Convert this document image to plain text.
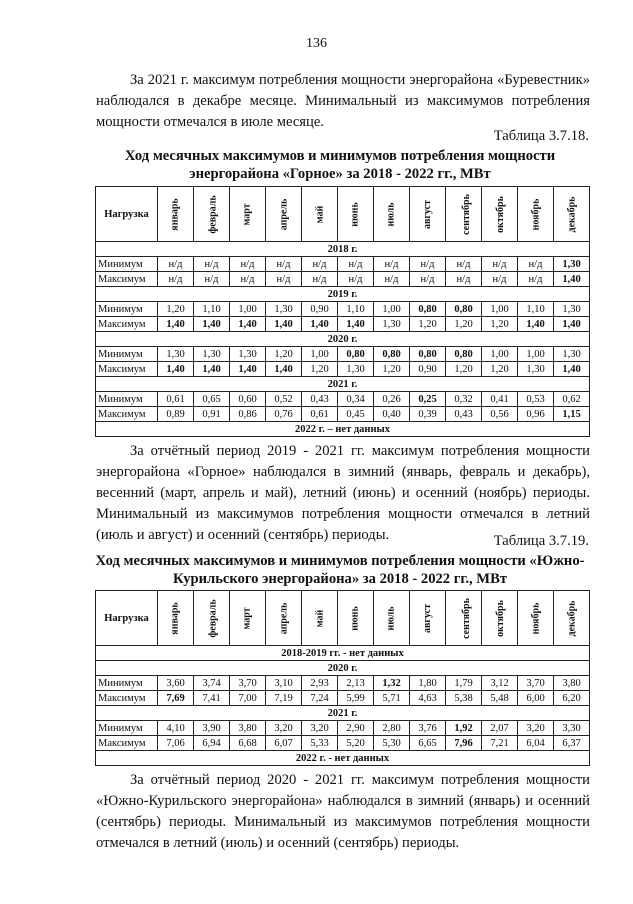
136

За 2021 г. максимум потребления мощности энергорайона «Буревестник» наблюдался в декабре месяце. Минимальный из максимумов потребления мощности отмечался в июле месяце.

Таблица 3.7.18.
Ход месячных максимумов и минимумов потребления мощности энергорайона «Горное» за 2018 - 2022 гг., МВт
Нагрузка	январь	февраль	март	апрель	май	июнь	июль	август	сентябрь	октябрь	ноябрь	декабрь
2018 г.												
Минимум	н/д	н/д	н/д	н/д	н/д	н/д	н/д	н/д	н/д	н/д	н/д	1,30
Максимум	н/д	н/д	н/д	н/д	н/д	н/д	н/д	н/д	н/д	н/д	н/д	1,40
2019 г.												
Минимум	1,20	1,10	1,00	1,30	0,90	1,10	1,00	0,80	0,80	1,00	1,10	1,30
Максимум	1,40	1,40	1,40	1,40	1,40	1,40	1,30	1,20	1,20	1,20	1,40	1,40
2020 г.												
Минимум	1,30	1,30	1,30	1,20	1,00	0,80	0,80	0,80	0,80	1,00	1,00	1,30
Максимум	1,40	1,40	1,40	1,40	1,20	1,30	1,20	0,90	1,20	1,20	1,30	1,40
2021 г.												
Минимум	0,61	0,65	0,60	0,52	0,43	0,34	0,26	0,25	0,32	0,41	0,53	0,62
Максимум	0,89	0,91	0,86	0,76	0,61	0,45	0,40	0,39	0,43	0,56	0,96	1,15
2022 г. – нет данных												

За отчётный период 2019 - 2021 гг. максимум потребления мощности энергорайона «Горное» наблюдался в зимний (январь, февраль и декабрь), весенний (март, апрель и май), летний (июнь) и осенний (ноябрь) периоды. Минимальный из максимумов потребления мощности отмечался в летний (июль и август) и осенний (сентябрь) периоды.	Таблица 3.7.19.
Ход месячных максимумов и минимумов потребления мощности «Южно-Курильского энергорайона» за 2018 - 2022 гг., МВт
Нагрузка	январь	февраль	март	апрель	май	июнь	июль	август	сентябрь	октябрь	ноябрь	декабрь
2018-2019 гг. - нет данных												
2020 г.												
Минимум	3,60	3,74	3,70	3,10	2,93	2,13	1,32	1,80	1,79	3,12	3,70	3,80
Максимум	7,69	7,41	7,00	7,19	7,24	5,99	5,71	4,63	5,38	5,48	6,00	6,20
2021 г.												
Минимум	4,10	3,90	3,80	3,20	3,20	2,90	2,80	3,76	1,92	2,07	3,20	3,30
Максимум	7,06	6,94	6,68	6,07	5,33	5,20	5,30	6,65	7,96	7,21	6,04	6,37
2022 г. - нет данных												

За отчётный период 2020 - 2021 гг. максимум потребления мощности «Южно-Курильского энергорайона» наблюдался в зимний (январь) и осенний (сентябрь) периоды. Минимальный из максимумов потребления мощности отмечался в летний (июль) и осенний (сентябрь) периоды.
